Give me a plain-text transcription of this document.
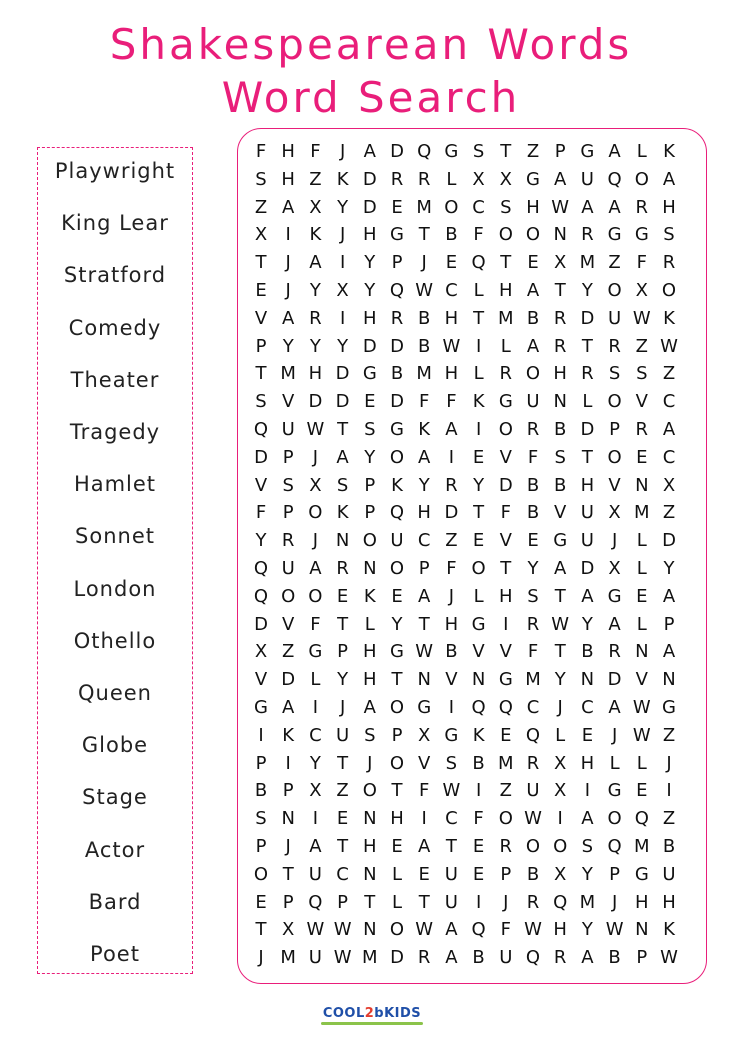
Shakespearean Words
Word Search
Playwright
King Lear
Stratford
Comedy
Theater
Tragedy
Hamlet
Sonnet
London
Othello
Queen
Globe
Stage
Actor
Bard
Poet
F H F	J	A D Q G S T Z P G A L K
S H Z K D R R L X X G A U Q O A
Z A X Y D E M O C S H W A A R H
X	I	K	J H G T B F O O N R G G S
T	J	A	I	Y P	J	E Q T E X M Z F R
E	J	Y X Y Q W C L H A T Y O X O
V A R	I H R B H T M B R D U W K
P Y Y Y D D B W I	L A R T R Z W
T M H D G B M H L R O H R S S Z
S V D D E D F F K G U N L O V C
Q U W T S G K A	I O R B D P R A
D P	J	A Y O A	I	E V F S T O E C
V S X S P K Y R Y D B B H V N X
F P O K P Q H D T F B V U X M Z
Y R	J N O U C Z E V E G U J	L D
Q U A R N O P F O T Y A D X L Y
Q O O E K E A	J	L H S T A G E A
D V F T L Y T H G I	R W Y A L P
X Z G P H G W B V V F T B R N A
V D L Y H T N V N G M Y N D V N
G A	I	J	A O G I Q Q C	J	C A W G
I	K C U S P X G K E Q L E	J W Z
P	I	Y T	J O V S B M R X H L L	J
B P X Z O T F W I	Z U X	I G E	I
S N I	E N H I	C F O W I	A O Q Z
P	J	A T H E A T E R O O S Q M B
O T U C N L E U E P B X Y P G U
E P Q P T L T U I	J	R Q M J H H
T X W W N O W A Q F W H Y W N K
J M U W M D R A B U Q R A B P W
COOL2bKIDS
